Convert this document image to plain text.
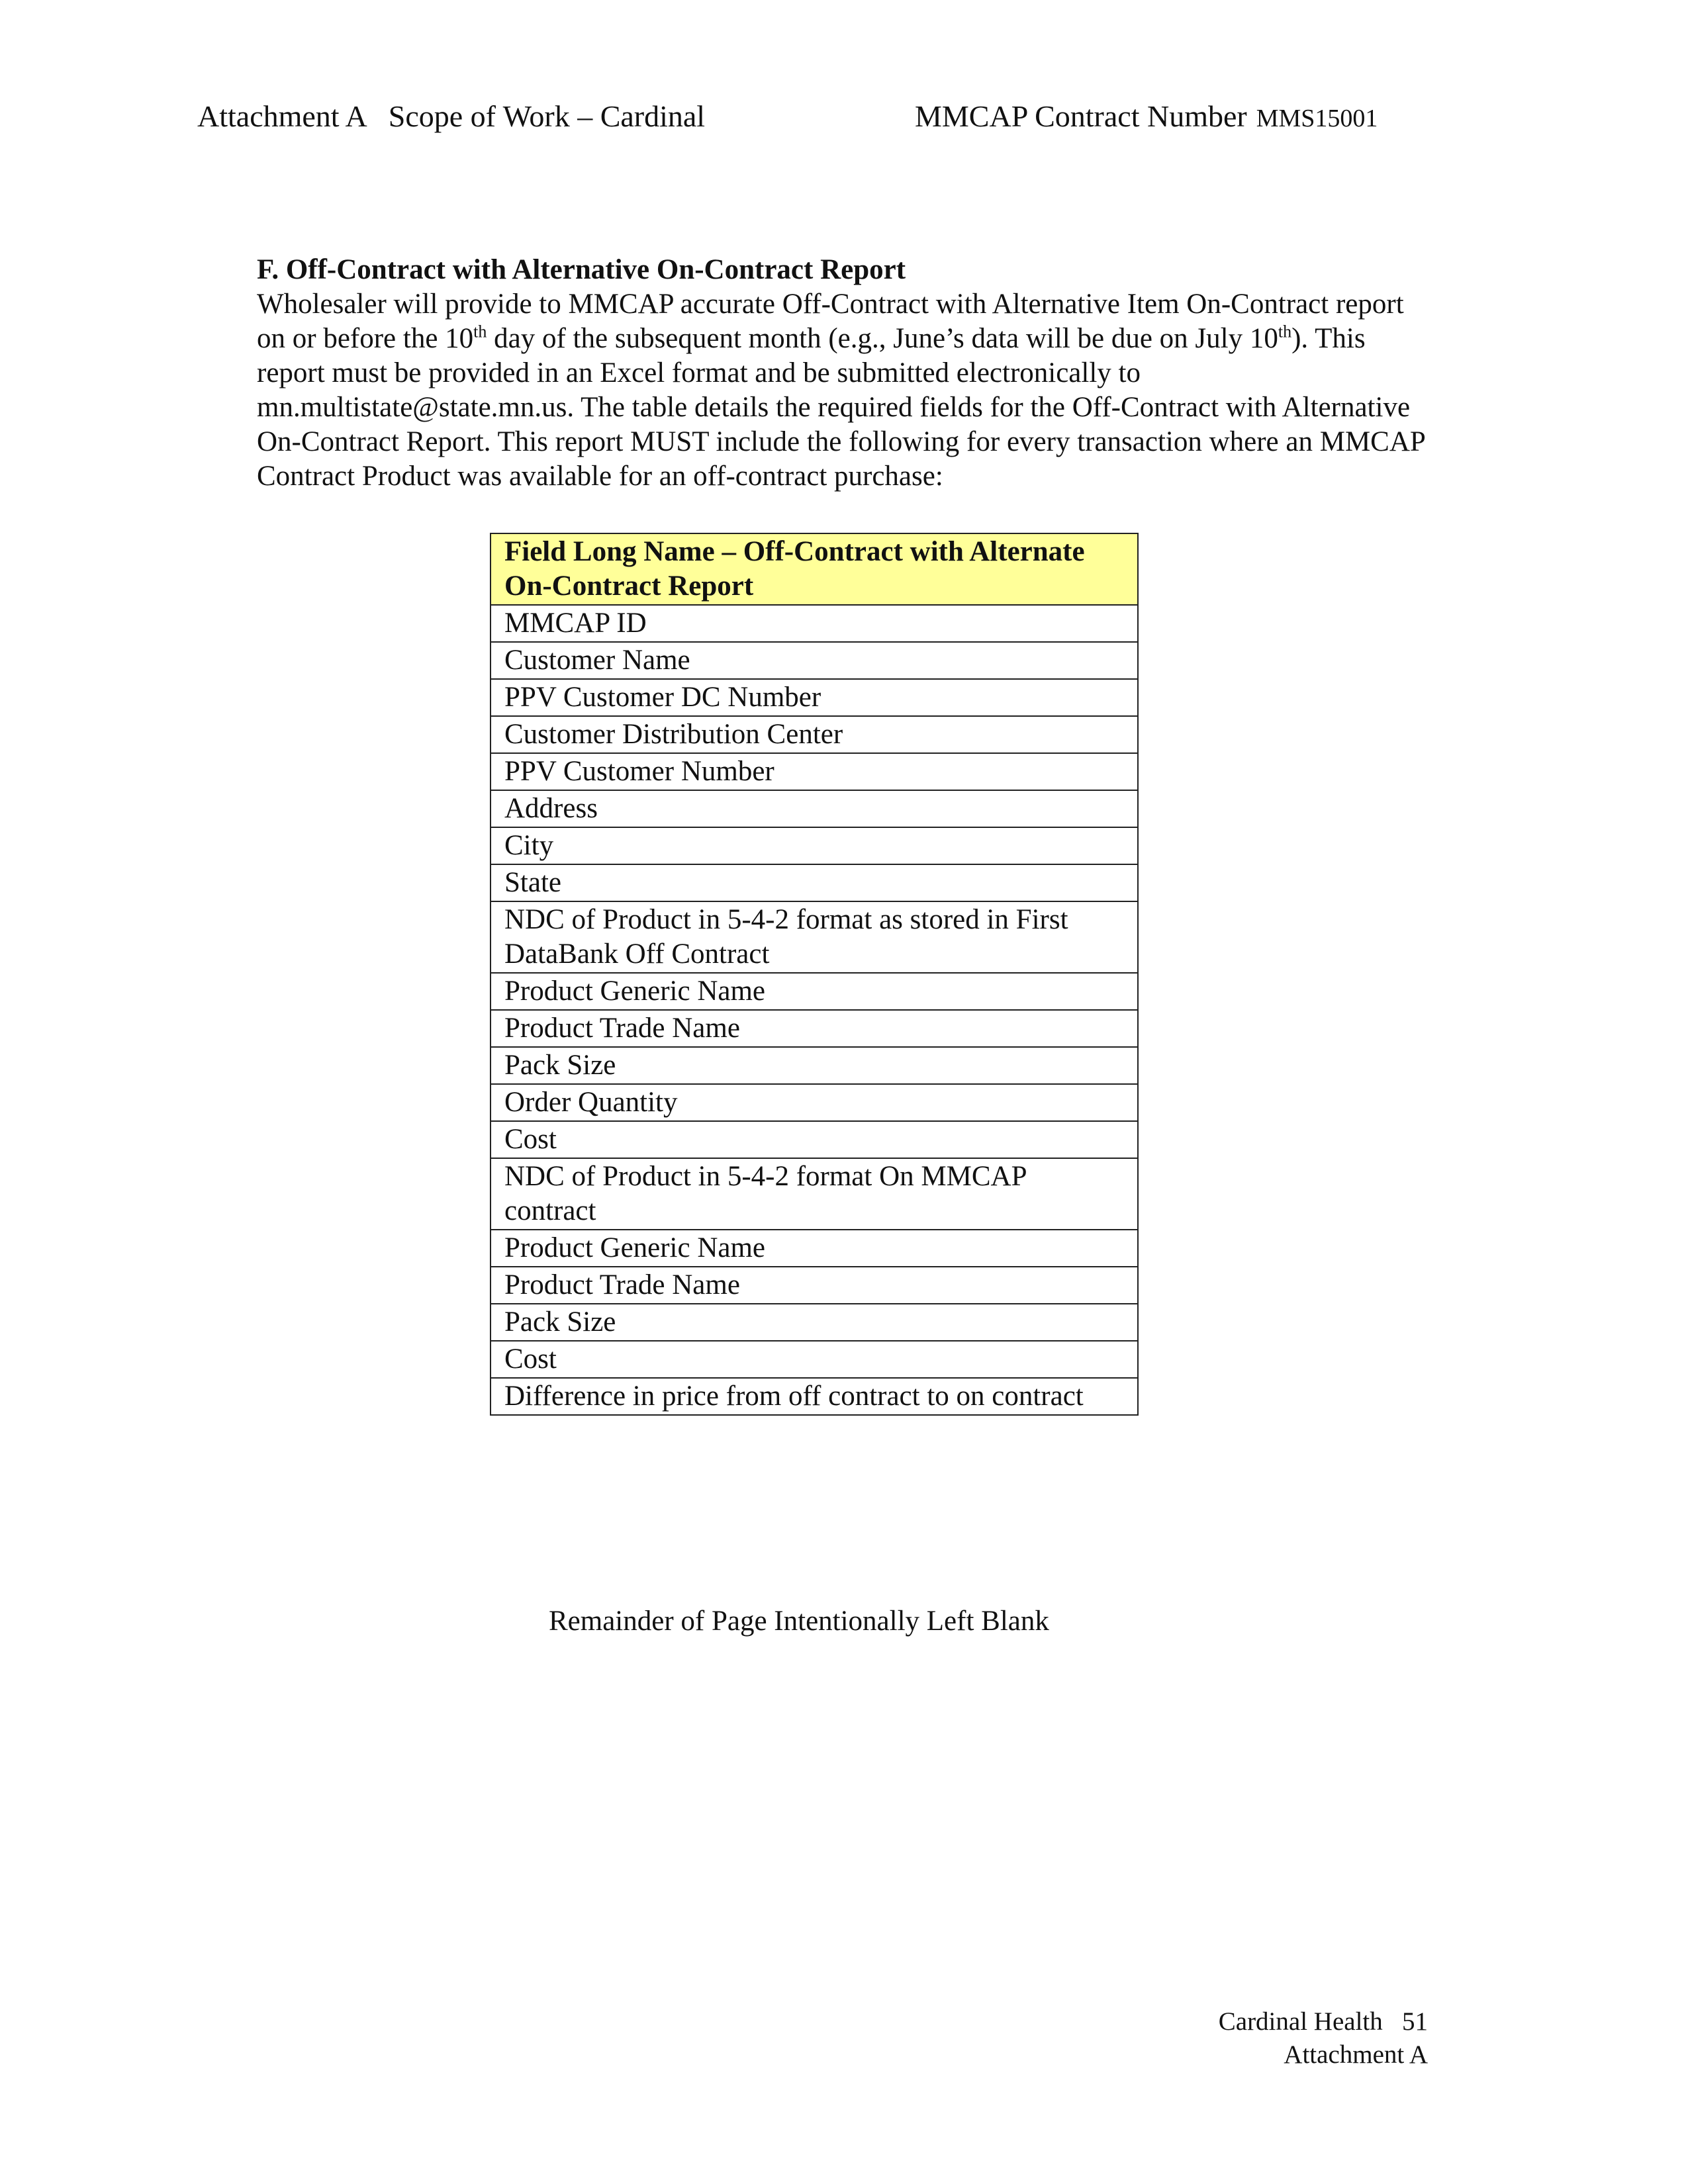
Attachment A   Scope of Work – Cardinal	MMCAP Contract Number MMS15001
F. Off-Contract with Alternative On-Contract Report
Wholesaler will provide to MMCAP accurate Off-Contract with Alternative Item On-Contract report on or before the 10th day of the subsequent month (e.g., June’s data will be due on July 10th). This report must be provided in an Excel format and be submitted electronically to mn.multistate@state.mn.us. The table details the required fields for the Off-Contract with Alternative On-Contract Report. This report MUST include the following for every transaction where an MMCAP Contract Product was available for an off-contract purchase:
Field Long Name – Off-Contract with Alternate On-Contract Report
MMCAP ID
Customer Name
PPV Customer DC Number
Customer Distribution Center
PPV Customer Number
Address
City
State
NDC of Product in 5-4-2 format as stored in First DataBank Off Contract
Product Generic Name
Product Trade Name
Pack Size
Order Quantity
Cost
NDC of Product in 5-4-2 format On MMCAP contract
Product Generic Name
Product Trade Name
Pack Size
Cost
Difference in price from off contract to on contract
Remainder of Page Intentionally Left Blank
Cardinal Health   51
Attachment A
